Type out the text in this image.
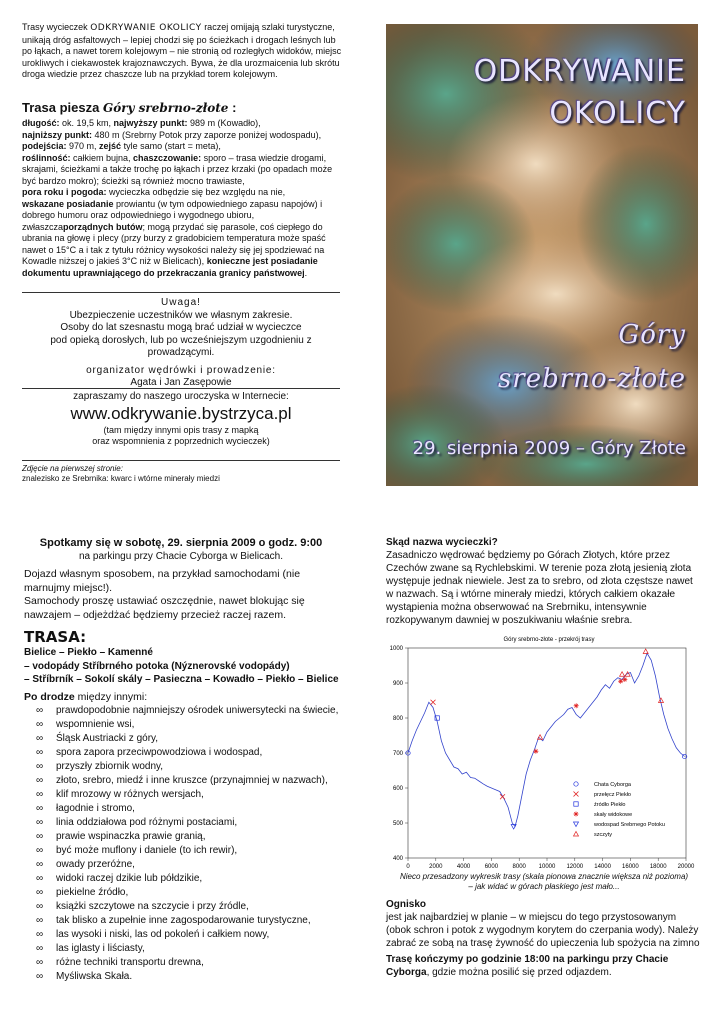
Trasy wycieczek ODKRYWANIE OKOLICY raczej omijają szlaki turystyczne, unikają dróg asfaltowych – lepiej chodzi się po ścieżkach i drogach leśnych lub po łąkach, a nawet torem kolejowym – nie stronią od rozległych widoków, miejsc urokliwych i ciekawostek krajoznawczych. Bywa, że dla urozmaicenia lub skrótu droga wiedzie przez chaszcze lub na przykład torem kolejowym.

Trasa piesza Góry srebrno-złote :

długość: ok. 19,5 km, najwyższy punkt: 989 m (Kowadło),
najniższy punkt: 480 m (Srebrny Potok przy zaporze poniżej wodospadu),
podejścia: 970 m, zejść tyle samo (start = meta),
roślinność: całkiem bujna, chaszczowanie: sporo – trasa wiedzie drogami, skrajami, ścieżkami a także trochę po łąkach i przez krzaki (po opadach może być bardzo mokro); ścieżki są również mocno trawiaste,
pora roku i pogoda: wycieczka odbędzie się bez względu na nie,
wskazane posiadanie prowiantu (w tym odpowiedniego zapasu napojów) i dobrego humoru oraz odpowiedniego i wygodnego ubioru, zwłaszczaporządnych butów; mogą przydać się parasole, coś ciepłego do ubrania na głowę i plecy (przy burzy z gradobiciem temperatura może spaść nawet o 15°C a i tak z tytułu różnicy wysokości należy się jej spodziewać na Kowadle niższej o jakieś 3°C niż w Bielicach), konieczne jest posiadanie dokumentu uprawniającego do przekraczania granicy państwowej.

Uwaga!
Ubezpieczenie uczestników we własnym zakresie.
Osoby do lat szesnastu mogą brać udział w wycieczce
pod opieką dorosłych, lub po wcześniejszym uzgodnieniu z prowadzącymi.
organizator wędrówki i prowadzenie:
Agata i Jan Zasępowie
zapraszamy do naszego uroczyska w Internecie:
www.odkrywanie.bystrzyca.pl
(tam między innymi opis trasy z mapką
oraz wspomnienia z poprzednich wycieczek)
Zdjęcie na pierwszej stronie:
znalezisko ze Srebrnika: kwarc i wtórne minerały miedzi
ODKRYWANIE
OKOLICY
Góry
srebrno-złote
29. sierpnia 2009 – Góry Złote
Spotkamy się w sobotę, 29. sierpnia 2009 o godz. 9:00
na parkingu przy Chacie Cyborga w Bielicach.
Dojazd własnym sposobem, na przykład samochodami (nie marnujmy miejsc!).
Samochody proszę ustawiać oszczędnie, nawet blokując się nawzajem – odjeżdżać będziemy przecież raczej razem.
TRASA:
Bielice – Piekło – Kamenné
– vodopády Stříbrného potoka (Nýznerovské vodopády)
– Stříbrník – Sokolí skály – Pasieczna – Kowadło – Piekło – Bielice
Po drodze między innymi:
∞ prawdopodobnie najmniejszy ośrodek uniwersytecki na świecie,
∞ wspomnienie wsi,
∞ Śląsk Austriacki z góry,
∞ spora zapora przeciwpowodziowa i wodospad,
∞ przyszły zbiornik wodny,
∞ złoto, srebro, miedź i inne kruszce (przynajmniej w nazwach),
∞ klif mrozowy w różnych wersjach,
∞ łagodnie i stromo,
∞ linia oddziałowa pod różnymi postaciami,
∞ prawie wspinaczka prawie granią,
∞ być może muflony i daniele (to ich rewir),
∞ owady przeróżne,
∞ widoki raczej dzikie lub półdzikie,
∞ piekielne źródło,
∞ książki szczytowe na szczycie i przy źródle,
∞ tak blisko a zupełnie inne zagospodarowanie turystyczne,
∞ las wysoki i niski, las od pokoleń i całkiem nowy,
∞ las iglasty i liściasty,
∞ różne techniki transportu drewna,
∞ Myśliwska Skała.
Skąd nazwa wycieczki?
Zasadniczo wędrować będziemy po Górach Złotych, które przez Czechów zwane są Rychlebskimi. W terenie poza złotą jesienią złota występuje jednak niewiele. Jest za to srebro, od złota częstsze nawet w nazwach. Są i wtórne minerały miedzi, których całkiem okazałe wystąpienia można obserwować na Srebrniku, intensywnie rozkopywanym dawniej w poszukiwaniu właśnie srebra.
Góry srebrno-złote - przekrój trasy
0	2000 4000 6000 8000 10000 12000 14000 16000 18000 20000
400
500
600
700
800
900
1000
Chata Cyborga
przełęcz Piekło
źródło Piekło
skały widokowe
wodospad Srebrnego Potoku
szczyty
Nieco przesadzony wykresik trasy (skala pionowa znacznie większa niż pozioma)
– jak widać w górach płaskiego jest mało...
Ognisko
jest jak najbardziej w planie – w miejscu do tego przystosowanym (obok schron i potok z wygodnym korytem do czerpania wody). Należy zabrać ze sobą na trasę żywność do upieczenia lub spożycia na zimno
Trasę kończymy po godzinie 18:00 na parkingu przy Chacie Cyborga, gdzie można posilić się przed odjazdem.
